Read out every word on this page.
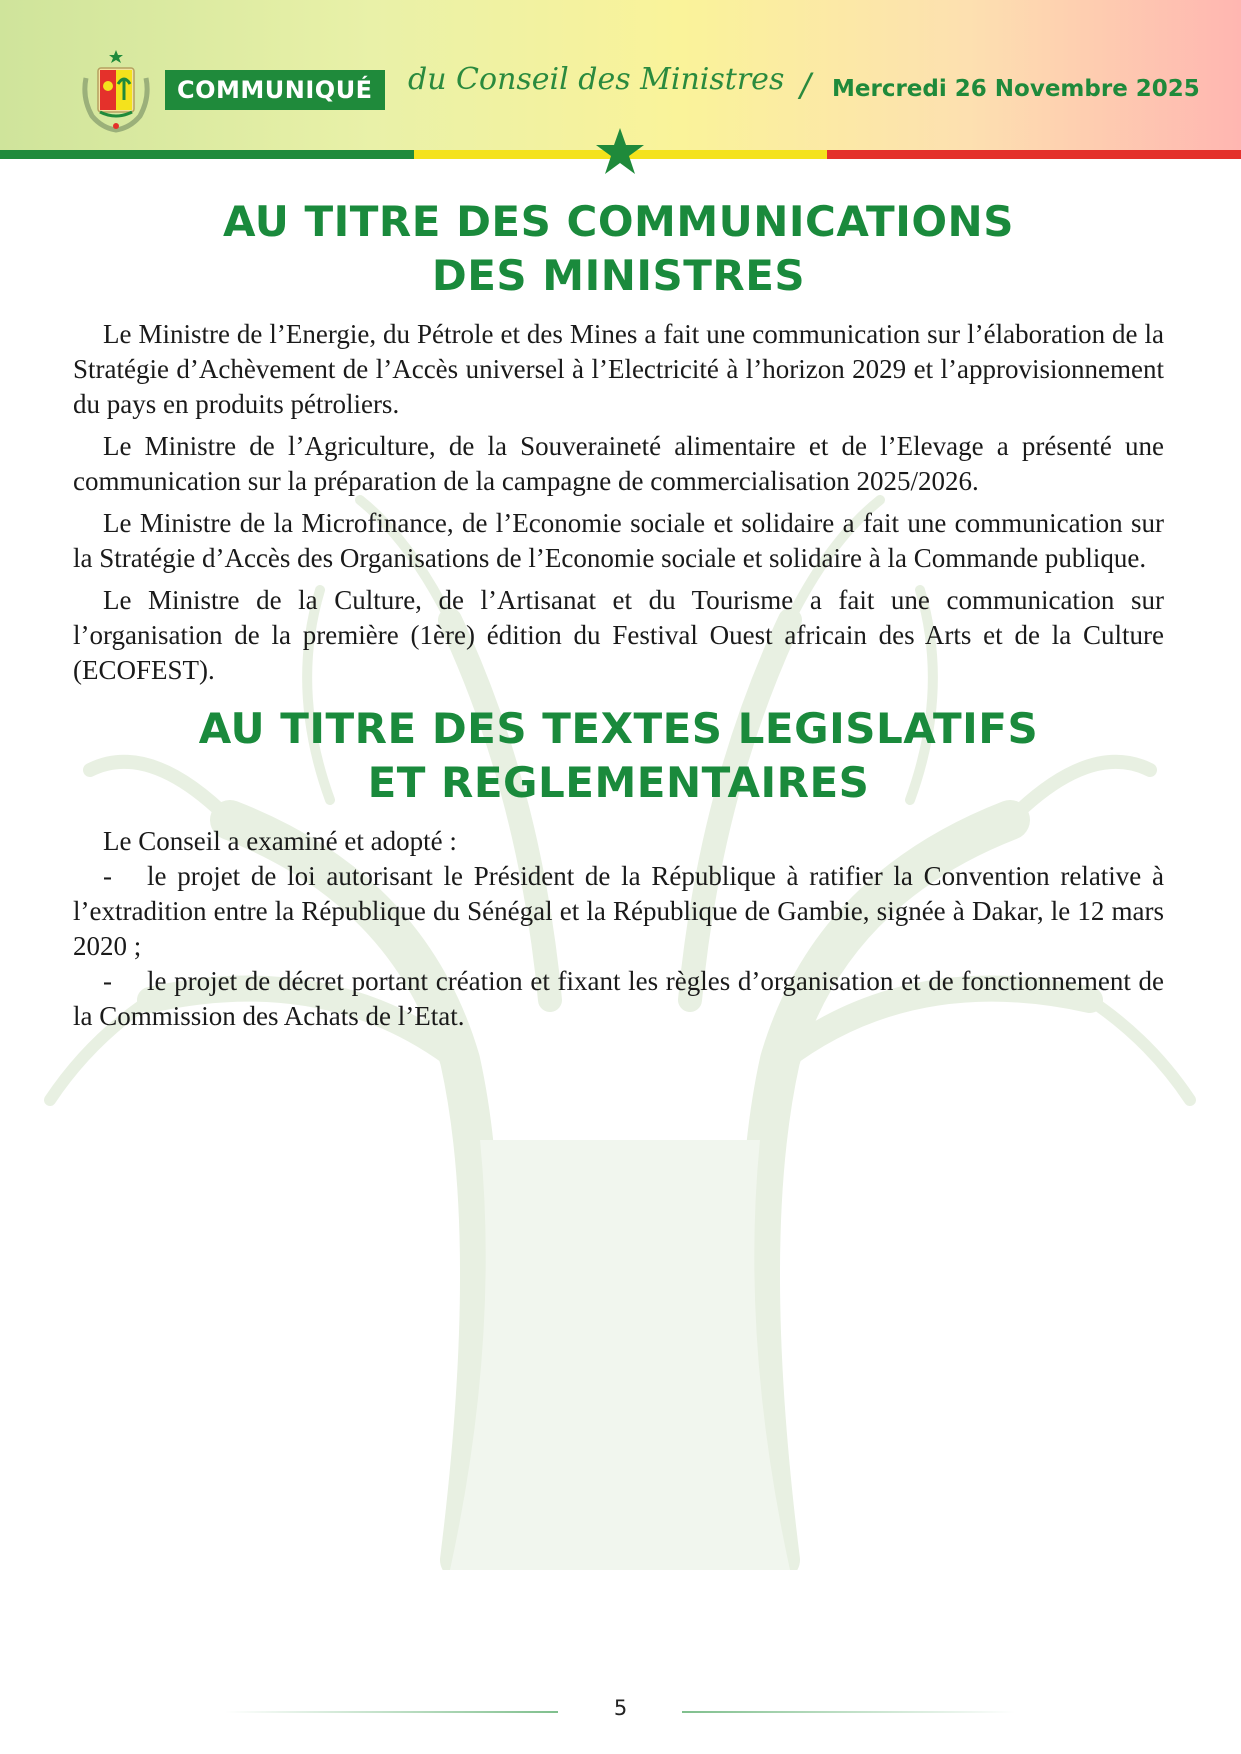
COMMUNIQUÉ	du Conseil des Ministres / Mercredi 26 Novembre 2025
AU TITRE DES COMMUNICATIONS
DES MINISTRES

Le Ministre de l’Energie, du Pétrole et des Mines a fait une communication sur l’élaboration de la Stratégie d’Achèvement de l’Accès universel à l’Electricité à l’horizon 2029 et l’approvisionnement du pays en produits pétroliers.

Le Ministre de l’Agriculture, de la Souveraineté alimentaire et de l’Elevage a présenté une communication sur la préparation de la campagne de commercialisation 2025/2026.

Le Ministre de la Microfinance, de l’Economie sociale et solidaire a fait une communication sur la Stratégie d’Accès des Organisations de l’Economie sociale et solidaire à la Commande publique.

Le Ministre de la Culture, de l’Artisanat et du Tourisme a fait une communication sur l’organisation de la première (1ère) édition du Festival Ouest africain des Arts et de la Culture (ECOFEST).

AU TITRE DES TEXTES LEGISLATIFS
ET REGLEMENTAIRES

Le Conseil a examiné et adopté :

- le projet de loi autorisant le Président de la République à ratifier la Convention relative à l’extradition entre la République du Sénégal et la République de Gambie, signée à Dakar, le 12 mars 2020 ;
- le projet de décret portant création et fixant les règles d’organisation et de fonctionnement de la Commission des Achats de l’Etat.
5
